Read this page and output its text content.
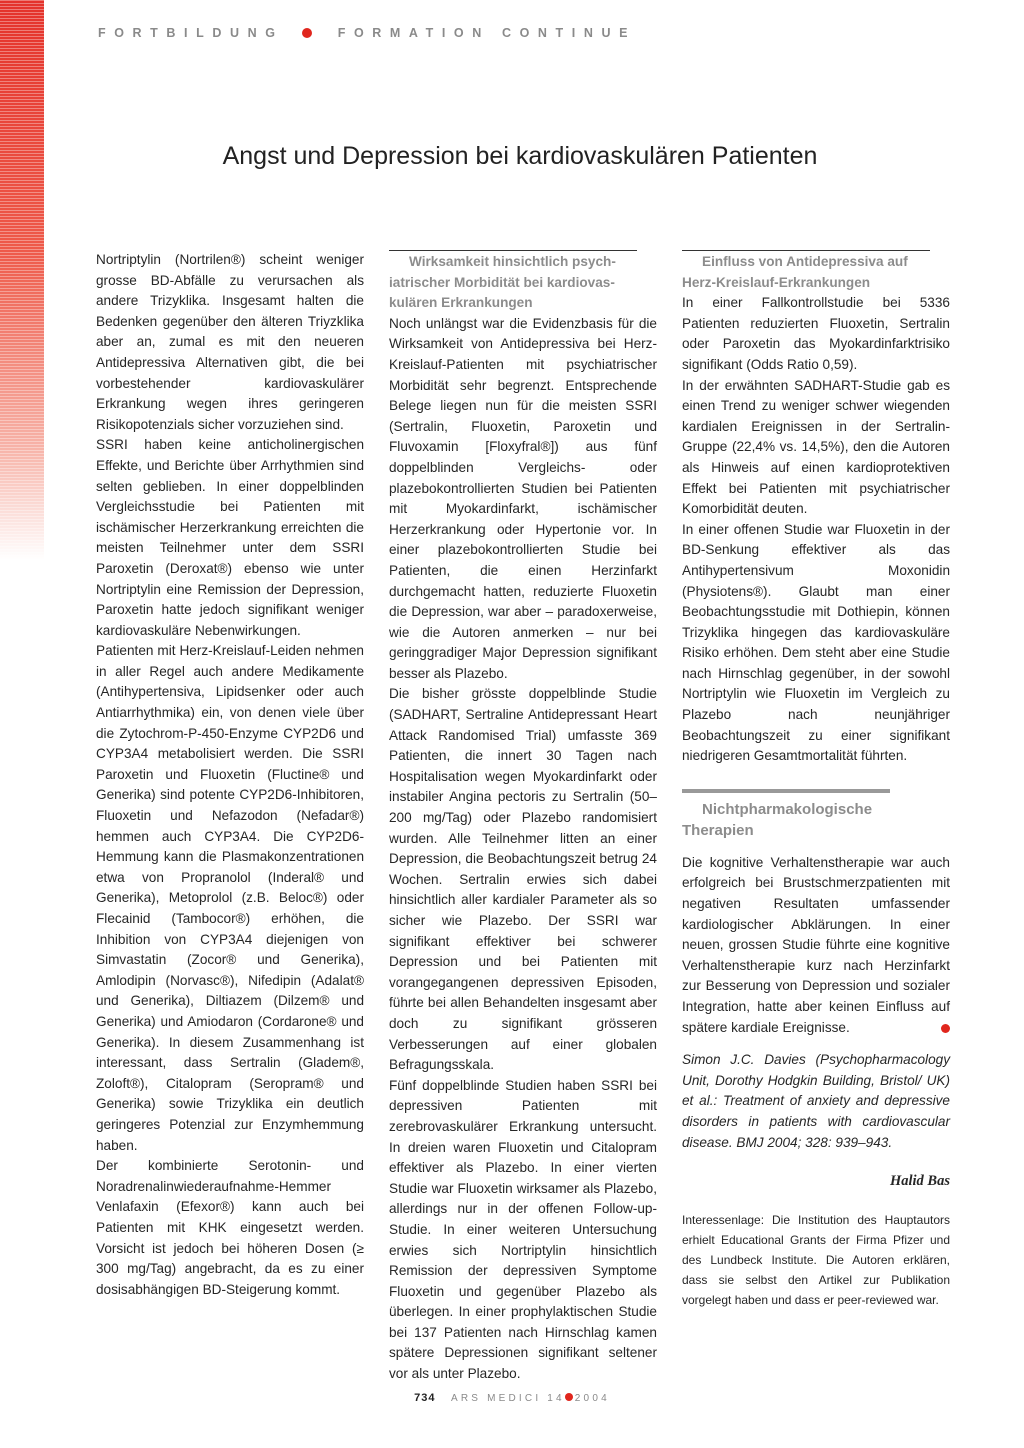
FORTBILDUNG	FORMATION CONTINUE
Angst und Depression bei kardiovaskulären Patienten

Nortriptylin (Nortrilen®) scheint weniger grosse BD-Abfälle zu verursachen als andere Trizyklika. Insgesamt halten die Bedenken gegenüber den älteren Triyzklika aber an, zumal es mit den neueren Antidepressiva Alternativen gibt, die bei vorbestehender kardiovaskulärer Erkrankung wegen ihres geringeren Risikopotenzials sicher vorzuziehen sind.

SSRI haben keine anticholinergischen Effekte, und Berichte über Arrhythmien sind selten geblieben. In einer doppelblinden Vergleichsstudie bei Patienten mit ischämischer Herzerkrankung erreichten die meisten Teilnehmer unter dem SSRI Paroxetin (Deroxat®) ebenso wie unter Nortriptylin eine Remission der Depression, Paroxetin hatte jedoch signifikant weniger kardiovaskuläre Nebenwirkungen.

Patienten mit Herz-Kreislauf-Leiden nehmen in aller Regel auch andere Medikamente (Antihypertensiva, Lipidsenker oder auch Antiarrhythmika) ein, von denen viele über die Zytochrom-P-450-Enzyme CYP2D6 und CYP3A4 metabolisiert werden. Die SSRI Paroxetin und Fluoxetin (Fluctine® und Generika) sind potente CYP2D6-Inhibitoren, Fluoxetin und Nefazodon (Nefadar®) hemmen auch CYP3A4. Die CYP2D6-Hemmung kann die Plasmakonzentrationen etwa von Propranolol (Inderal® und Generika), Metoprolol (z.B. Beloc®) oder Flecainid (Tambocor®) erhöhen, die Inhibition von CYP3A4 diejenigen von Simvastatin (Zocor® und Generika), Amlodipin (Norvasc®), Nifedipin (Adalat® und Generika), Diltiazem (Dilzem® und Generika) und Amiodaron (Cordarone® und Generika). In diesem Zusammenhang ist interessant, dass Sertralin (Gladem®, Zoloft®), Citalopram (Seropram® und Generika) sowie Trizyklika ein deutlich geringeres Potenzial zur Enzymhemmung haben.

Der kombinierte Serotonin- und Noradrenalinwiederaufnahme-Hemmer Venlafaxin (Efexor®) kann auch bei Patienten mit KHK eingesetzt werden. Vorsicht ist jedoch bei höheren Dosen (≥ 300 mg/Tag) angebracht, da es zu einer dosisabhängigen BD-Steigerung kommt.

Wirksamkeit hinsichtlich psych-
iatrischer Morbidität bei kardiovas-
kulären Erkrankungen

Noch unlängst war die Evidenzbasis für die Wirksamkeit von Antidepressiva bei Herz-Kreislauf-Patienten mit psychiatrischer Morbidität sehr begrenzt. Entsprechende Belege liegen nun für die meisten SSRI (Sertralin, Fluoxetin, Paroxetin und Fluvoxamin [Floxyfral®]) aus fünf doppelblinden Vergleichs- oder plazebokontrollierten Studien bei Patienten mit Myokardinfarkt, ischämischer Herzerkrankung oder Hypertonie vor. In einer plazebokontrollierten Studie bei Patienten, die einen Herzinfarkt durchgemacht hatten, reduzierte Fluoxetin die Depression, war aber – paradoxerweise, wie die Autoren anmerken – nur bei geringgradiger Major Depression signifikant besser als Plazebo.

Die bisher grösste doppelblinde Studie (SADHART, Sertraline Antidepressant Heart Attack Randomised Trial) umfasste 369 Patienten, die innert 30 Tagen nach Hospitalisation wegen Myokardinfarkt oder instabiler Angina pectoris zu Sertralin (50–200 mg/Tag) oder Plazebo randomisiert wurden. Alle Teilnehmer litten an einer Depression, die Beobachtungszeit betrug 24 Wochen. Sertralin erwies sich dabei hinsichtlich aller kardialer Parameter als so sicher wie Plazebo. Der SSRI war signifikant effektiver bei schwerer Depression und bei Patienten mit vorangegangenen depressiven Episoden, führte bei allen Behandelten insgesamt aber doch zu signifikant grösseren Verbesserungen auf einer globalen Befragungsskala.

Fünf doppelblinde Studien haben SSRI bei depressiven Patienten mit zerebrovaskulärer Erkrankung untersucht. In dreien waren Fluoxetin und Citalopram effektiver als Plazebo. In einer vierten Studie war Fluoxetin wirksamer als Plazebo, allerdings nur in der offenen Follow-up-Studie. In einer weiteren Untersuchung erwies sich Nortriptylin hinsichtlich Remission der depressiven Symptome Fluoxetin und gegenüber Plazebo als überlegen. In einer prophylaktischen Studie bei 137 Patienten nach Hirnschlag kamen spätere Depressionen signifikant seltener vor als unter Plazebo.

Einfluss von Antidepressiva auf
Herz-Kreislauf-Erkrankungen

In einer Fallkontrollstudie bei 5336 Patienten reduzierten Fluoxetin, Sertralin oder Paroxetin das Myokardinfarktrisiko signifikant (Odds Ratio 0,59).

In der erwähnten SADHART-Studie gab es einen Trend zu weniger schwer wiegenden kardialen Ereignissen in der Sertralin-Gruppe (22,4% vs. 14,5%), den die Autoren als Hinweis auf einen kardioprotektiven Effekt bei Patienten mit psychiatrischer Komorbidität deuten.

In einer offenen Studie war Fluoxetin in der BD-Senkung effektiver als das Antihypertensivum Moxonidin (Physiotens®). Glaubt man einer Beobachtungsstudie mit Dothiepin, können Trizyklika hingegen das kardiovaskuläre Risiko erhöhen. Dem steht aber eine Studie nach Hirnschlag gegenüber, in der sowohl Nortriptylin wie Fluoxetin im Vergleich zu Plazebo nach neunjähriger Beobachtungszeit zu einer signifikant niedrigeren Gesamtmortalität führten.

Nichtpharmakologische
Therapien

Die kognitive Verhaltenstherapie war auch erfolgreich bei Brustschmerzpatienten mit negativen Resultaten umfassender kardiologischer Abklärungen. In einer neuen, grossen Studie führte eine kognitive Verhaltenstherapie kurz nach Herzinfarkt zur Besserung von Depression und sozialer Integration, hatte aber keinen Einfluss auf spätere kardiale Ereignisse.

Simon J.C. Davies (Psychopharmacology Unit, Dorothy Hodgkin Building, Bristol/ UK) et al.: Treatment of anxiety and depressive disorders in patients with cardiovascular disease. BMJ 2004; 328: 939–943.

Halid Bas

Interessenlage: Die Institution des Hauptautors erhielt Educational Grants der Firma Pfizer und des Lundbeck Institute. Die Autoren erklären, dass sie selbst den Artikel zur Publikation vorgelegt haben und dass er peer-reviewed war.

734 ARS MEDICI 14 2004
